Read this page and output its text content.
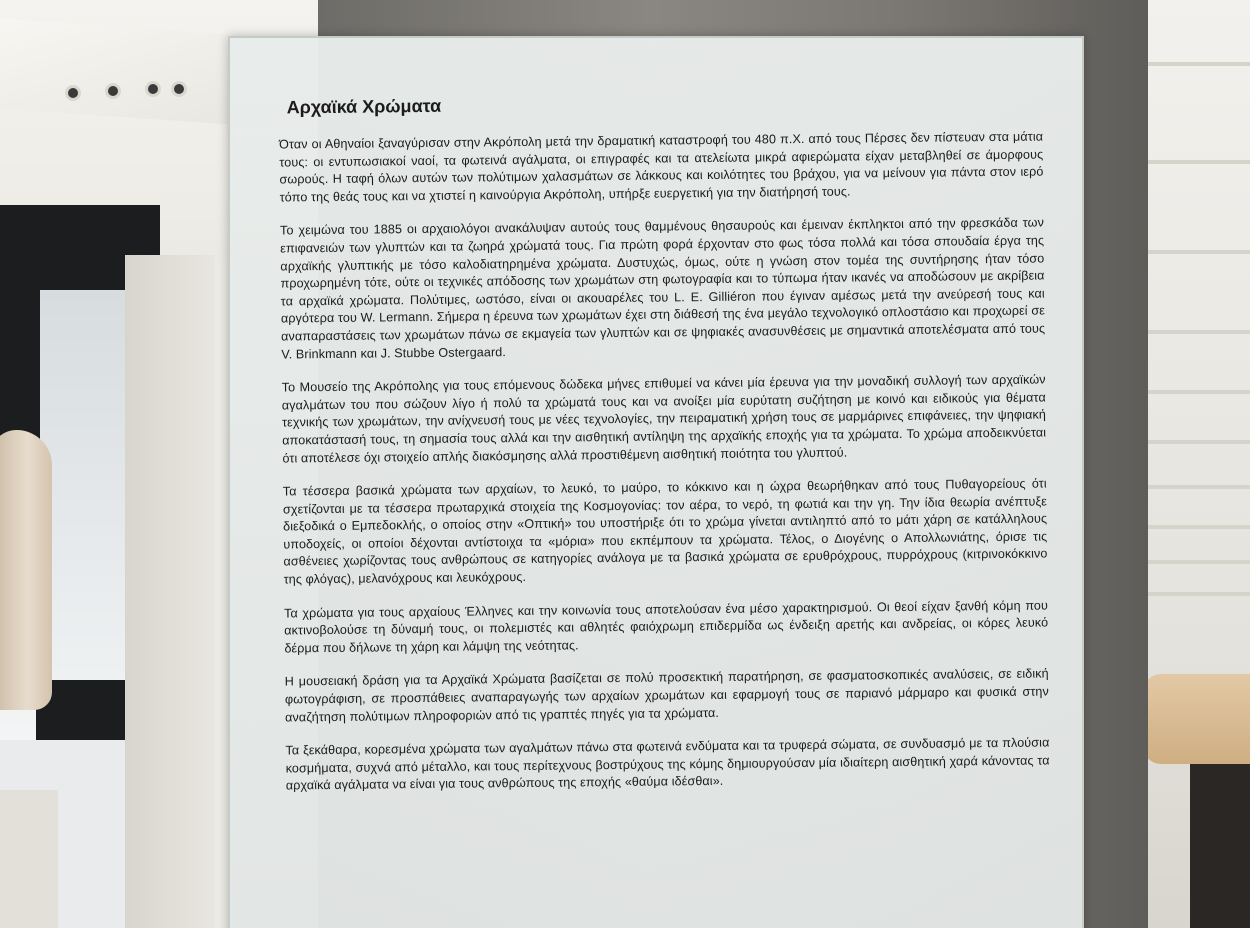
Αρχαϊκά Χρώματα

Όταν οι Αθηναίοι ξαναγύρισαν στην Ακρόπολη μετά την δραματική καταστροφή του 480 π.Χ. από τους Πέρσες δεν πίστευαν στα μάτια τους: οι εντυπωσιακοί ναοί, τα φωτεινά αγάλματα, οι επιγραφές και τα ατελείωτα μικρά αφιερώματα είχαν μεταβληθεί σε άμορφους σωρούς. Η ταφή όλων αυτών των πολύτιμων χαλασμάτων σε λάκκους και κοιλότητες του βράχου, για να μείνουν για πάντα στον ιερό τόπο της θεάς τους και να χτιστεί η καινούργια Ακρόπολη, υπήρξε ευεργετική για την διατήρησή τους.

Το χειμώνα του 1885 οι αρχαιολόγοι ανακάλυψαν αυτούς τους θαμμένους θησαυρούς και έμειναν έκπληκτοι από την φρεσκάδα των επιφανειών των γλυπτών και τα ζωηρά χρώματά τους. Για πρώτη φορά έρχονταν στο φως τόσα πολλά και τόσα σπουδαία έργα της αρχαϊκής γλυπτικής με τόσο καλοδιατηρημένα χρώματα. Δυστυχώς, όμως, ούτε η γνώση στον τομέα της συντήρησης ήταν τόσο προχωρημένη τότε, ούτε οι τεχνικές απόδοσης των χρωμάτων στη φωτογραφία και το τύπωμα ήταν ικανές να αποδώσουν με ακρίβεια τα αρχαϊκά χρώματα. Πολύτιμες, ωστόσο, είναι οι ακουαρέλες του L. E. Gilliéron που έγιναν αμέσως μετά την ανεύρεσή τους και αργότερα του W. Lermann. Σήμερα η έρευνα των χρωμάτων έχει στη διάθεσή της ένα μεγάλο τεχνολογικό οπλοστάσιο και προχωρεί σε αναπαραστάσεις των χρωμάτων πάνω σε εκμαγεία των γλυπτών και σε ψηφιακές ανασυνθέσεις με σημαντικά αποτελέσματα από τους V. Brinkmann και J. Stubbe Ostergaard.

Το Μουσείο της Ακρόπολης για τους επόμενους δώδεκα μήνες επιθυμεί να κάνει μία έρευνα για την μοναδική συλλογή των αρχαϊκών αγαλμάτων του που σώζουν λίγο ή πολύ τα χρώματά τους και να ανοίξει μία ευρύτατη συζήτηση με κοινό και ειδικούς για θέματα τεχνικής των χρωμάτων, την ανίχνευσή τους με νέες τεχνολογίες, την πειραματική χρήση τους σε μαρμάρινες επιφάνειες, την ψηφιακή αποκατάστασή τους, τη σημασία τους αλλά και την αισθητική αντίληψη της αρχαϊκής εποχής για τα χρώματα. Το χρώμα αποδεικνύεται ότι αποτέλεσε όχι στοιχείο απλής διακόσμησης αλλά προστιθέμενη αισθητική ποιότητα του γλυπτού.

Τα τέσσερα βασικά χρώματα των αρχαίων, το λευκό, το μαύρο, το κόκκινο και η ώχρα θεωρήθηκαν από τους Πυθαγορείους ότι σχετίζονται με τα τέσσερα πρωταρχικά στοιχεία της Κοσμογονίας: τον αέρα, το νερό, τη φωτιά και την γη. Την ίδια θεωρία ανέπτυξε διεξοδικά ο Εμπεδοκλής, ο οποίος στην «Οπτική» του υποστήριξε ότι το χρώμα γίνεται αντιληπτό από το μάτι χάρη σε κατάλληλους υποδοχείς, οι οποίοι δέχονται αντίστοιχα τα «μόρια» που εκπέμπουν τα χρώματα. Τέλος, ο Διογένης ο Απολλωνιάτης, όρισε τις ασθένειες χωρίζοντας τους ανθρώπους σε κατηγορίες ανάλογα με τα βασικά χρώματα σε ερυθρόχρους, πυρρόχρους (κιτρινοκόκκινο της φλόγας), μελανόχρους και λευκόχρους.

Τα χρώματα για τους αρχαίους Έλληνες και την κοινωνία τους αποτελούσαν ένα μέσο χαρακτηρισμού. Οι θεοί είχαν ξανθή κόμη που ακτινοβολούσε τη δύναμή τους, οι πολεμιστές και αθλητές φαιόχρωμη επιδερμίδα ως ένδειξη αρετής και ανδρείας, οι κόρες λευκό δέρμα που δήλωνε τη χάρη και λάμψη της νεότητας.

Η μουσειακή δράση για τα Αρχαϊκά Χρώματα βασίζεται σε πολύ προσεκτική παρατήρηση, σε φασματοσκοπικές αναλύσεις, σε ειδική φωτογράφιση, σε προσπάθειες αναπαραγωγής των αρχαίων χρωμάτων και εφαρμογή τους σε παριανό μάρμαρο και φυσικά στην αναζήτηση πολύτιμων πληροφοριών από τις γραπτές πηγές για τα χρώματα.

Τα ξεκάθαρα, κορεσμένα χρώματα των αγαλμάτων πάνω στα φωτεινά ενδύματα και τα τρυφερά σώματα, σε συνδυασμό με τα πλούσια κοσμήματα, συχνά από μέταλλο, και τους περίτεχνους βοστρύχους της κόμης δημιουργούσαν μία ιδιαίτερη αισθητική χαρά κάνοντας τα αρχαϊκά αγάλματα να είναι για τους ανθρώπους της εποχής «θαύμα ιδέσθαι».
